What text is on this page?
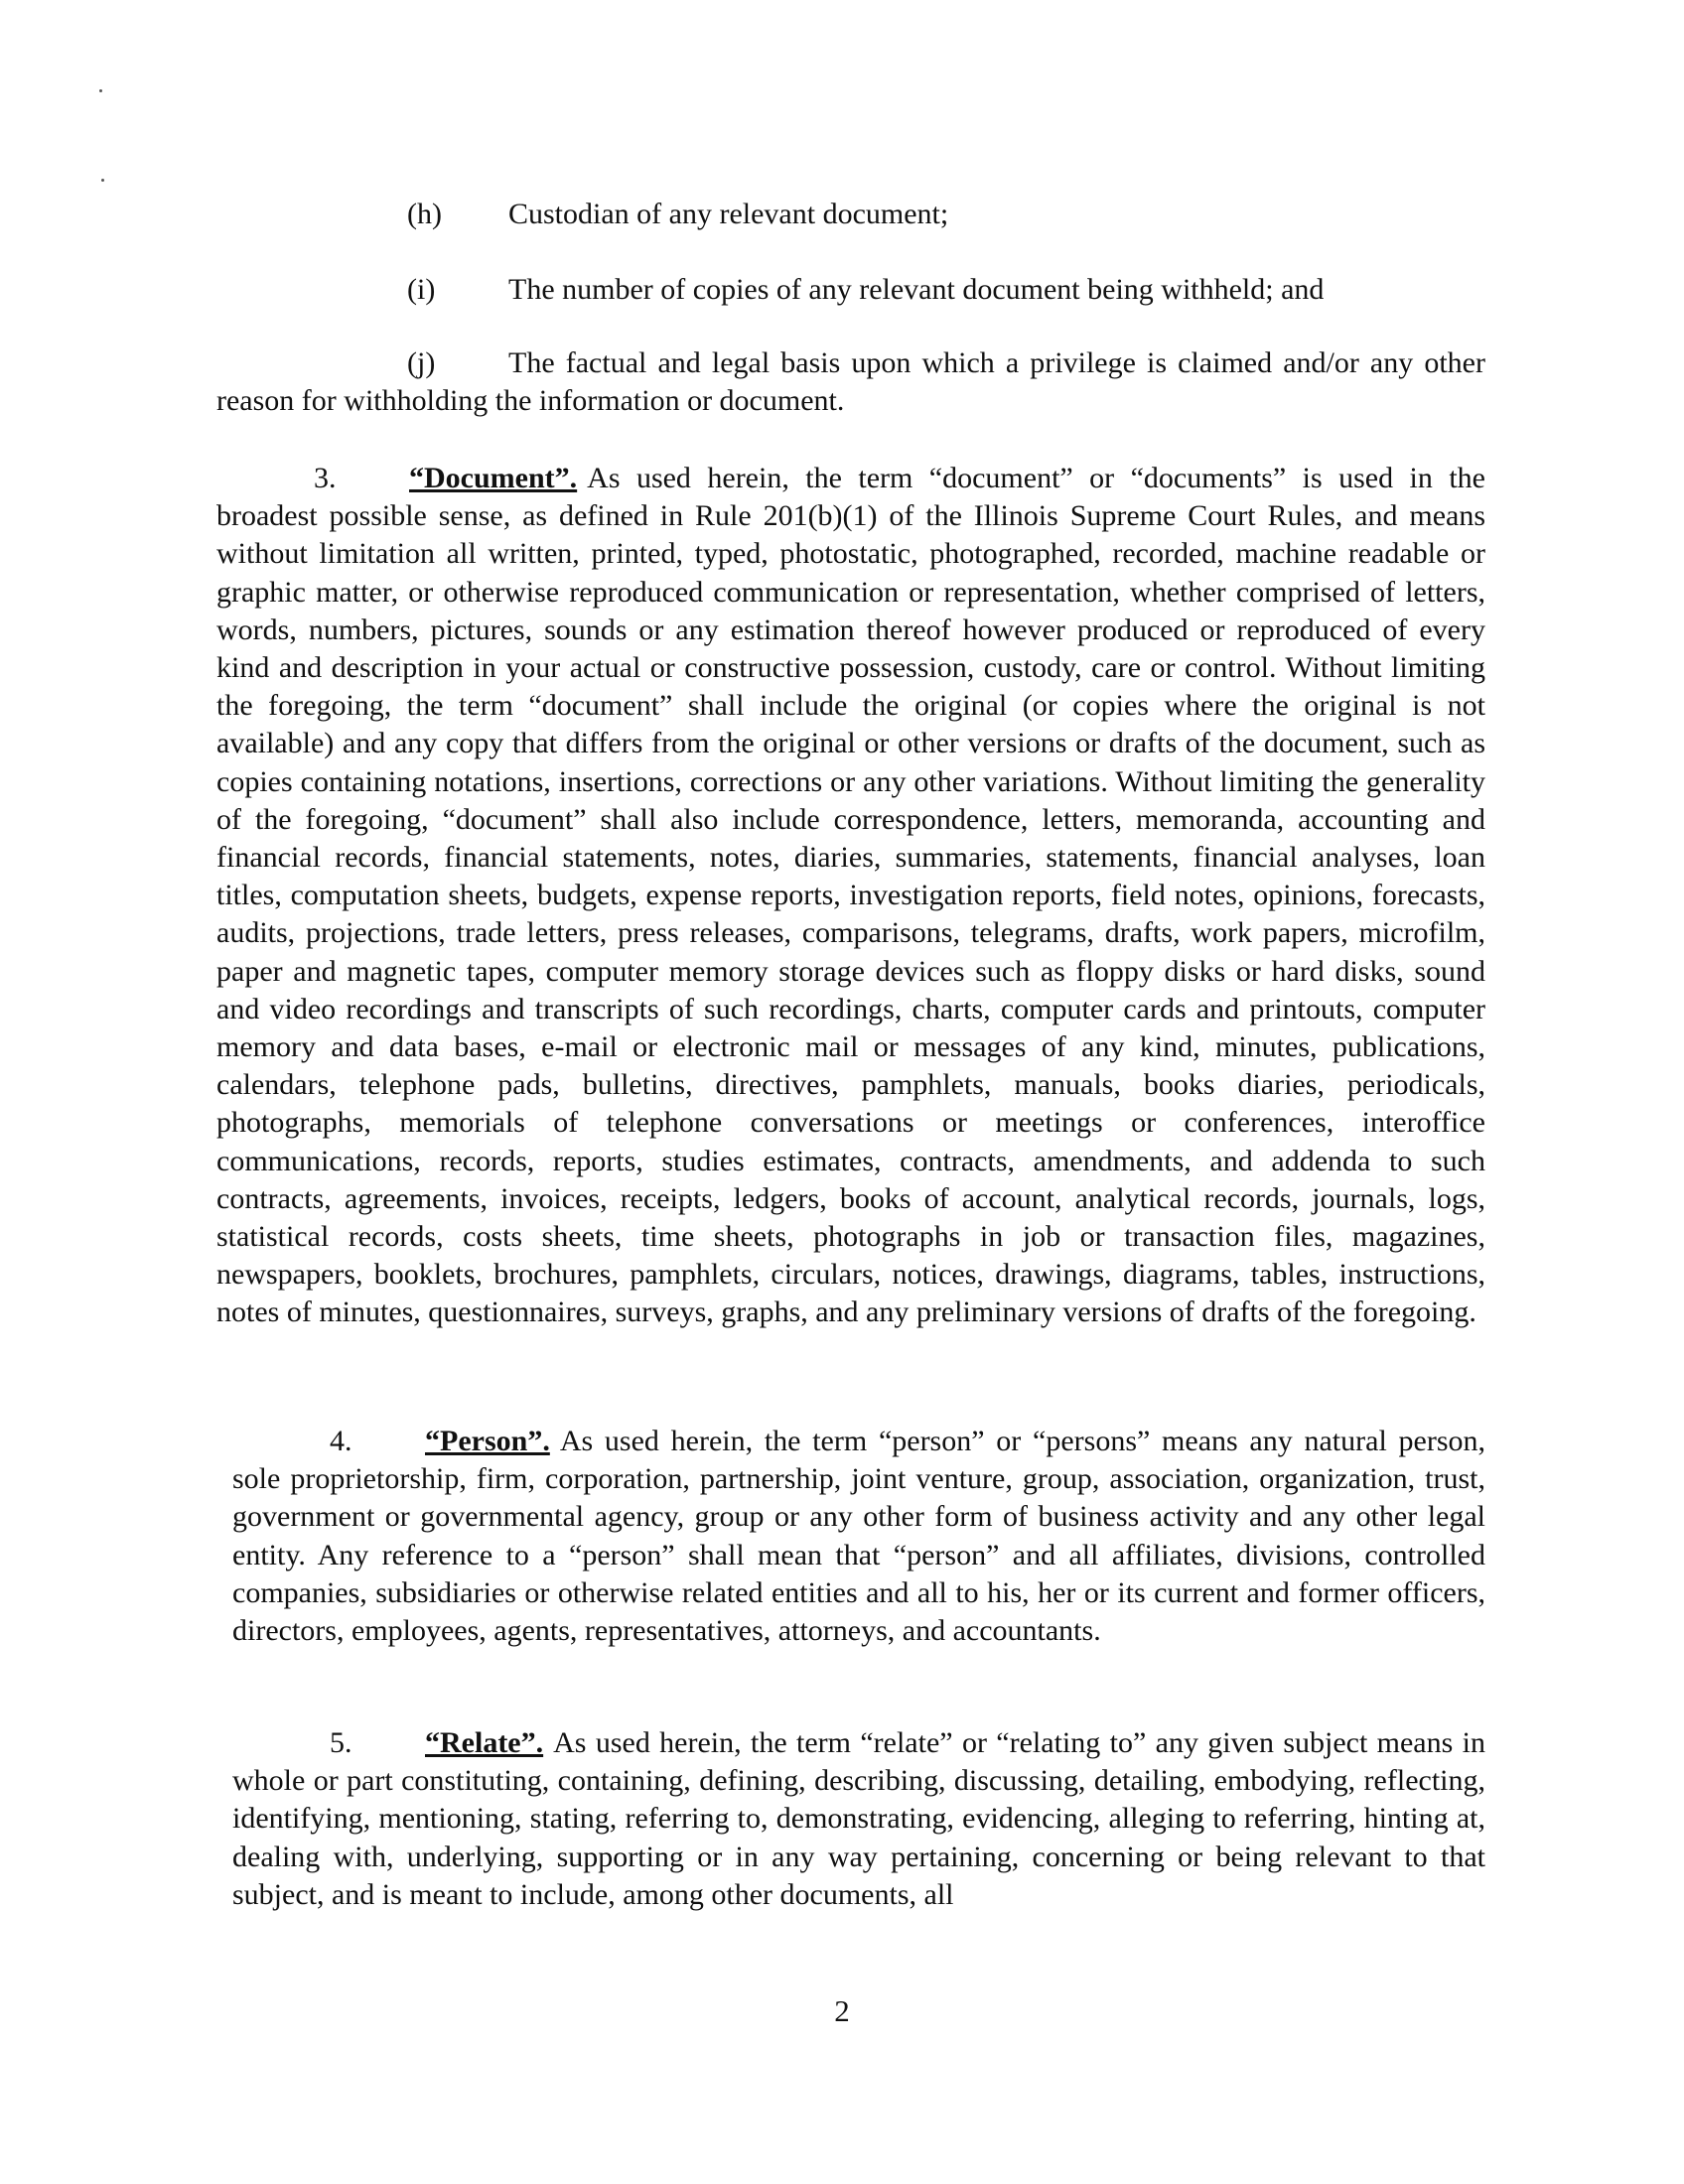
(h) Custodian of any relevant document;
(i) The number of copies of any relevant document being withheld; and
(j) The factual and legal basis upon which a privilege is claimed and/or any other reason for withholding the information or document.
3. “Document”. As used herein, the term “document” or “documents” is used in the broadest possible sense, as defined in Rule 201(b)(1) of the Illinois Supreme Court Rules, and means without limitation all written, printed, typed, photostatic, photographed, recorded, machine readable or graphic matter, or otherwise reproduced communication or representation, whether comprised of letters, words, numbers, pictures, sounds or any estimation thereof however produced or reproduced of every kind and description in your actual or constructive possession, custody, care or control. Without limiting the foregoing, the term “document” shall include the original (or copies where the original is not available) and any copy that differs from the original or other versions or drafts of the document, such as copies containing notations, insertions, corrections or any other variations. Without limiting the generality of the foregoing, “document” shall also include correspondence, letters, memoranda, accounting and financial records, financial statements, notes, diaries, summaries, statements, financial analyses, loan titles, computation sheets, budgets, expense reports, investigation reports, field notes, opinions, forecasts, audits, projections, trade letters, press releases, comparisons, telegrams, drafts, work papers, microfilm, paper and magnetic tapes, computer memory storage devices such as floppy disks or hard disks, sound and video recordings and transcripts of such recordings, charts, computer cards and printouts, computer memory and data bases, e-mail or electronic mail or messages of any kind, minutes, publications, calendars, telephone pads, bulletins, directives, pamphlets, manuals, books diaries, periodicals, photographs, memorials of telephone conversations or meetings or conferences, interoffice communications, records, reports, studies estimates, contracts, amendments, and addenda to such contracts, agreements, invoices, receipts, ledgers, books of account, analytical records, journals, logs, statistical records, costs sheets, time sheets, photographs in job or transaction files, magazines, newspapers, booklets, brochures, pamphlets, circulars, notices, drawings, diagrams, tables, instructions, notes of minutes, questionnaires, surveys, graphs, and any preliminary versions of drafts of the foregoing.
4. “Person”. As used herein, the term “person” or “persons” means any natural person, sole proprietorship, firm, corporation, partnership, joint venture, group, association, organization, trust, government or governmental agency, group or any other form of business activity and any other legal entity. Any reference to a “person” shall mean that “person” and all affiliates, divisions, controlled companies, subsidiaries or otherwise related entities and all to his, her or its current and former officers, directors, employees, agents, representatives, attorneys, and accountants.
5. “Relate”. As used herein, the term “relate” or “relating to” any given subject means in whole or part constituting, containing, defining, describing, discussing, detailing, embodying, reflecting, identifying, mentioning, stating, referring to, demonstrating, evidencing, alleging to referring, hinting at, dealing with, underlying, supporting or in any way pertaining, concerning or being relevant to that subject, and is meant to include, among other documents, all
2
